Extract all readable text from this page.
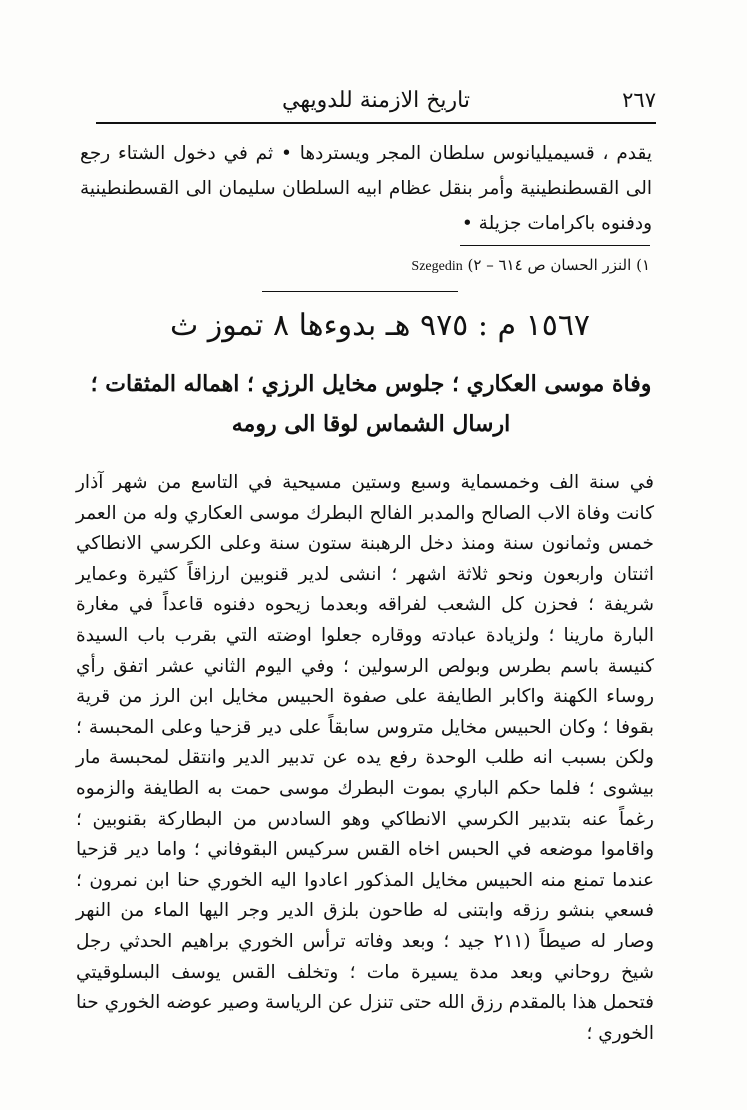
٢٦٧
تاريخ الازمنة للدويهي

يقدم ، قسيميليانوس سلطان المجر ويستردها • ثم في دخول الشتاء رجع الى القسطنطينية وأمر بنقل عظام ابيه السلطان سليمان الى القسطنطينية ودفنوه باكرامات جزيلة •

١) النزر الحسان ص ٦١٤ – ٢) Szegedin
١٥٦٧ م : ٩٧٥ هـ بدوءها ٨ تموز ث
وفاة موسى العكاري ؛ جلوس مخايل الرزي ؛ اهماله المثقات ؛ ارسال الشماس لوقا الى رومه

في سنة الف وخمسماية وسبع وستين مسيحية في التاسع من شهر آذار كانت وفاة الاب الصالح والمدبر الفالح البطرك موسى العكاري وله من العمر خمس وثمانون سنة ومنذ دخل الرهبنة ستون سنة وعلى الكرسي الانطاكي اثنتان واربعون ونحو ثلاثة اشهر ؛ انشى لدير قنوبين ارزاقاً كثيرة وعماير شريفة ؛ فحزن كل الشعب لفراقه وبعدما زيحوه دفنوه قاعداً في مغارة البارة مارينا ؛ ولزيادة عبادته ووقاره جعلوا اوضته التي بقرب باب السيدة كنيسة باسم بطرس وبولص الرسولين ؛ وفي اليوم الثاني عشر اتفق رأي روساء الكهنة واكابر الطايفة على صفوة الحبيس مخايل ابن الرز من قرية بقوفا ؛ وكان الحبيس مخايل متروس سابقاً على دير قزحيا وعلى المحبسة ؛ ولكن بسبب انه طلب الوحدة رفع يده عن تدبير الدير وانتقل لمحبسة مار بيشوى ؛ فلما حكم الباري بموت البطرك موسى حمت به الطايفة والزموه رغماً عنه بتدبير الكرسي الانطاكي وهو السادس من البطاركة بقنوبين ؛ واقاموا موضعه في الحبس اخاه القس سركيس البقوفاني ؛ واما دير قزحيا عندما تمنع منه الحبيس مخايل المذكور اعادوا اليه الخوري حنا ابن نمرون ؛ فسعي بنشو رزقه وابتنى له طاحون بلزق الدير وجر اليها الماء من النهر وصار له صيطاً (٢١١ جيد ؛ وبعد وفاته ترأس الخوري براهيم الحدثي رجل شيخ روحاني وبعد مدة يسيرة مات ؛ وتخلف القس يوسف البسلوقيتي فتحمل هذا بالمقدم رزق الله حتى تنزل عن الرياسة وصير عوضه الخوري حنا الخوري ؛
